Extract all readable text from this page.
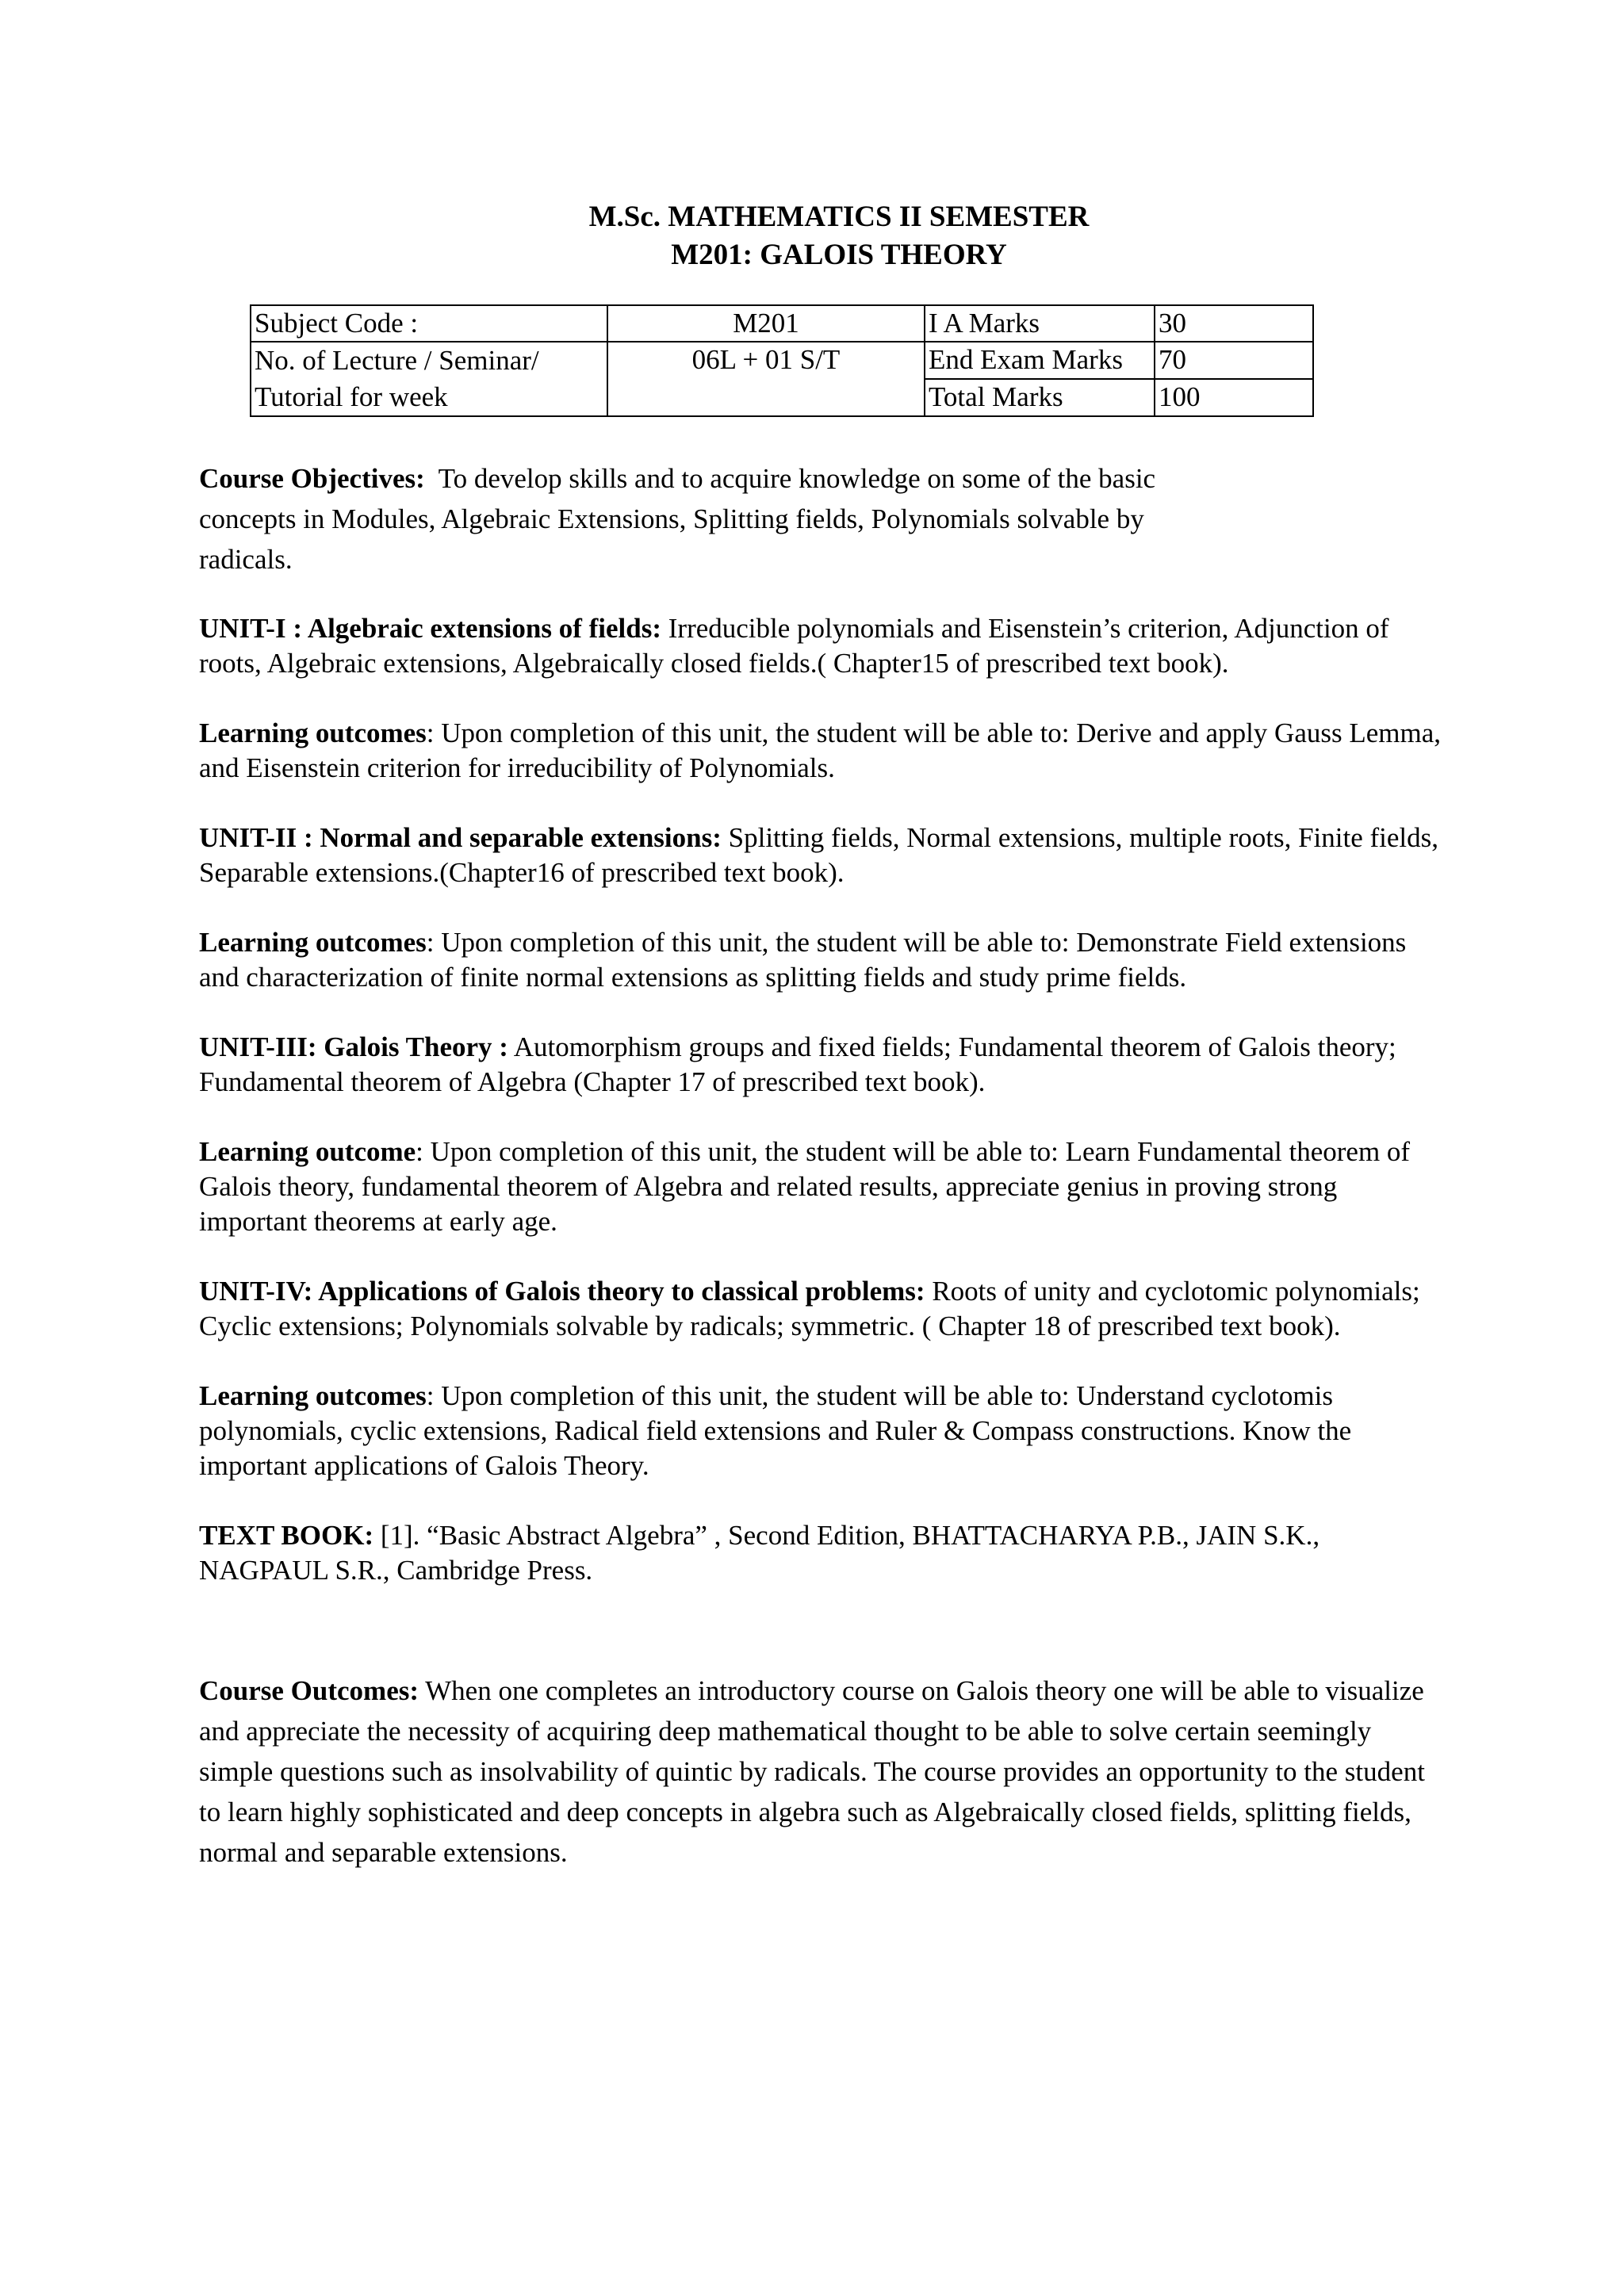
M.Sc. MATHEMATICS II SEMESTER

M201: GALOIS THEORY

Subject Code :	M201	I A Marks	30

No. of Lecture / Seminar/
Tutorial for week	06L + 01 S/T	End Exam Marks	70
		Total Marks	100
Course Objectives:  To develop skills and to acquire knowledge on some of the basic
concepts in Modules, Algebraic Extensions, Splitting fields, Polynomials solvable by
radicals.

UNIT-I : Algebraic extensions of fields: Irreducible polynomials and Eisenstein’s criterion, Adjunction of roots, Algebraic extensions, Algebraically closed fields.( Chapter15 of prescribed text book).

Learning outcomes: Upon completion of this unit, the student will be able to: Derive and apply Gauss Lemma, and Eisenstein criterion for irreducibility of Polynomials.

UNIT-II : Normal and separable extensions: Splitting fields, Normal extensions, multiple roots, Finite fields, Separable extensions.(Chapter16 of prescribed text book).

Learning outcomes: Upon completion of this unit, the student will be able to: Demonstrate Field extensions and characterization of finite normal extensions as splitting fields and study prime fields.

UNIT-III: Galois Theory : Automorphism groups and fixed fields; Fundamental theorem of Galois theory; Fundamental theorem of Algebra (Chapter 17 of prescribed text book).

Learning outcome: Upon completion of this unit, the student will be able to: Learn Fundamental theorem of Galois theory, fundamental theorem of Algebra and related results, appreciate genius in proving strong important theorems at early age.

UNIT-IV: Applications of Galois theory to classical problems: Roots of unity and cyclotomic polynomials; Cyclic extensions; Polynomials solvable by radicals; symmetric. ( Chapter 18 of prescribed text book).

Learning outcomes: Upon completion of this unit, the student will be able to: Understand cyclotomis polynomials, cyclic extensions, Radical field extensions and Ruler & Compass constructions. Know the important applications of Galois Theory.

TEXT BOOK: [1]. “Basic Abstract Algebra” , Second Edition, BHATTACHARYA P.B., JAIN S.K., NAGPAUL S.R., Cambridge Press.

Course Outcomes: When one completes an introductory course on Galois theory one will be able to visualize and appreciate the necessity of acquiring deep mathematical thought to be able to solve certain seemingly simple questions such as insolvability of quintic by radicals. The course provides an opportunity to the student to learn highly sophisticated and deep concepts in algebra such as Algebraically closed fields, splitting fields, normal and separable extensions.
